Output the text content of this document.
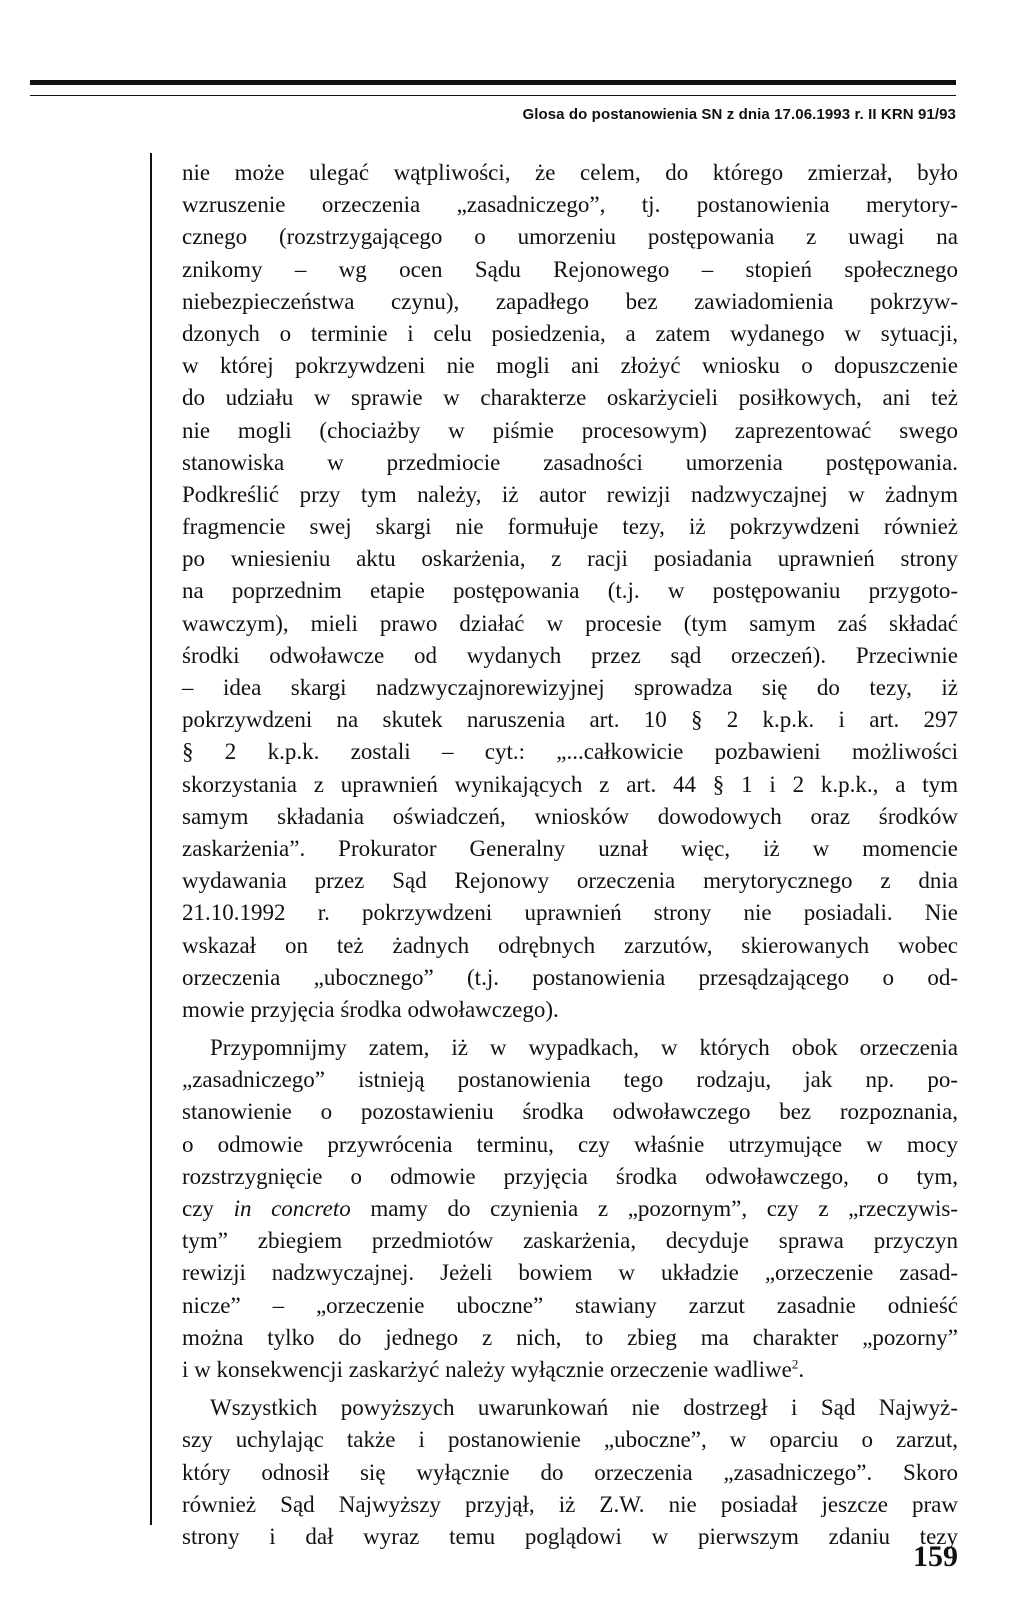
Glosa do postanowienia SN z dnia 17.06.1993 r. II KRN 91/93
nie może ulegać wątpliwości, że celem, do którego zmierzał, było
wzruszenie orzeczenia „zasadniczego”, tj. postanowienia merytory-
cznego (rozstrzygającego o umorzeniu postępowania z uwagi na
znikomy – wg ocen Sądu Rejonowego – stopień społecznego
niebezpieczeństwa czynu), zapadłego bez zawiadomienia pokrzyw-
dzonych o terminie i celu posiedzenia, a zatem wydanego w sytuacji,
w której pokrzywdzeni nie mogli ani złożyć wniosku o dopuszczenie
do udziału w sprawie w charakterze oskarżycieli posiłkowych, ani też
nie mogli (chociażby w piśmie procesowym) zaprezentować swego
stanowiska w przedmiocie zasadności umorzenia postępowania.
Podkreślić przy tym należy, iż autor rewizji nadzwyczajnej w żadnym
fragmencie swej skargi nie formułuje tezy, iż pokrzywdzeni również
po wniesieniu aktu oskarżenia, z racji posiadania uprawnień strony
na poprzednim etapie postępowania (t.j. w postępowaniu przygoto-
wawczym), mieli prawo działać w procesie (tym samym zaś składać
środki odwoławcze od wydanych przez sąd orzeczeń). Przeciwnie
– idea skargi nadzwyczajnorewizyjnej sprowadza się do tezy, iż
pokrzywdzeni na skutek naruszenia art. 10 § 2 k.p.k. i art. 297
§ 2 k.p.k. zostali – cyt.: „...całkowicie pozbawieni możliwości
skorzystania z uprawnień wynikających z art. 44 § 1 i 2 k.p.k., a tym
samym składania oświadczeń, wniosków dowodowych oraz środków
zaskarżenia”. Prokurator Generalny uznał więc, iż w momencie
wydawania przez Sąd Rejonowy orzeczenia merytorycznego z dnia
21.10.1992 r. pokrzywdzeni uprawnień strony nie posiadali. Nie
wskazał on też żadnych odrębnych zarzutów, skierowanych wobec
orzeczenia „ubocznego” (t.j. postanowienia przesądzającego o od-
mowie przyjęcia środka odwoławczego).
Przypomnijmy zatem, iż w wypadkach, w których obok orzeczenia
„zasadniczego” istnieją postanowienia tego rodzaju, jak np. po-
stanowienie o pozostawieniu środka odwoławczego bez rozpoznania,
o odmowie przywrócenia terminu, czy właśnie utrzymujące w mocy
rozstrzygnięcie o odmowie przyjęcia środka odwoławczego, o tym,
czy in concreto mamy do czynienia z „pozornym”, czy z „rzeczywis-
tym” zbiegiem przedmiotów zaskarżenia, decyduje sprawa przyczyn
rewizji nadzwyczajnej. Jeżeli bowiem w układzie „orzeczenie zasad-
nicze” – „orzeczenie uboczne” stawiany zarzut zasadnie odnieść
można tylko do jednego z nich, to zbieg ma charakter „pozorny”
i w konsekwencji zaskarżyć należy wyłącznie orzeczenie wadliwe$^2$.
Wszystkich powyższych uwarunkowań nie dostrzegł i Sąd Najwyż-
szy uchylając także i postanowienie „uboczne”, w oparciu o zarzut,
który odnosił się wyłącznie do orzeczenia „zasadniczego”. Skoro
również Sąd Najwyższy przyjął, iż Z.W. nie posiadał jeszcze praw
strony i dał wyraz temu poglądowi w pierwszym zdaniu tezy
159
